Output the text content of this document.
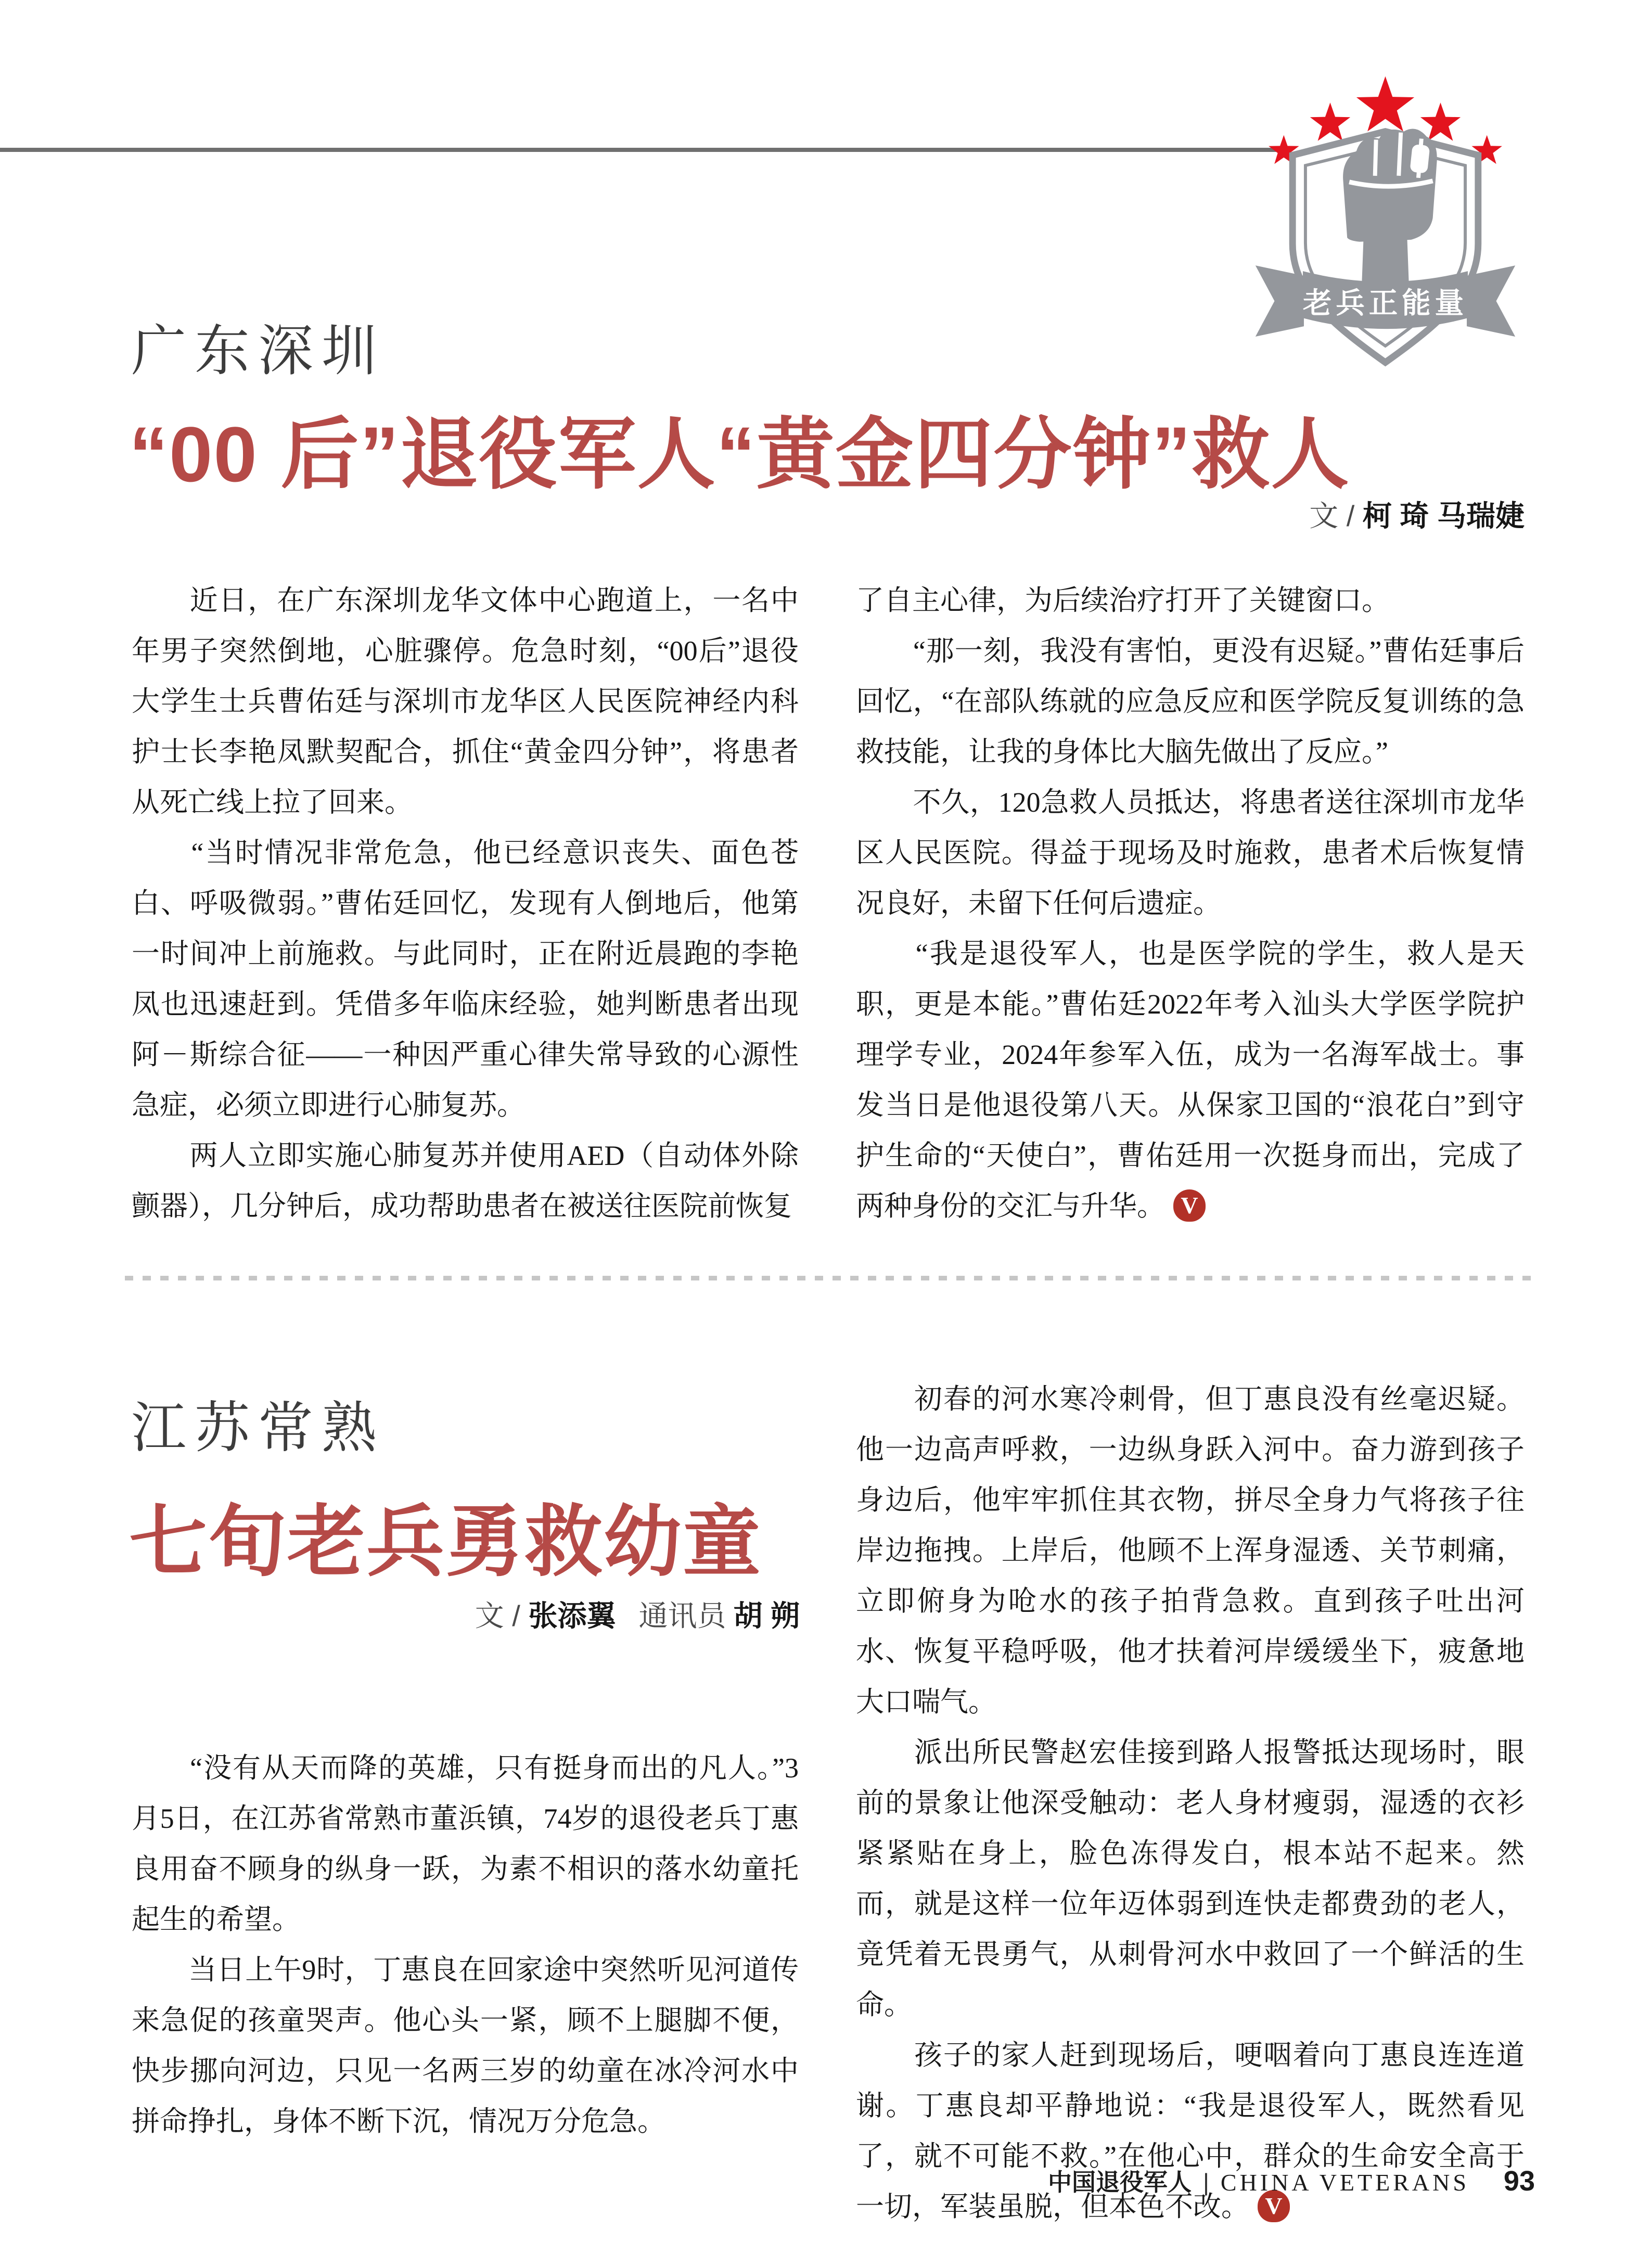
老兵正能量
广东深圳
“00 后”退役军人“黄金四分钟”救人
文 / 柯 琦 马瑞婕

　　近日，在广东深圳龙华文体中心跑道上，一名中年男子突然倒地，心脏骤停。危急时刻，“00后”退役大学生士兵曹佑廷与深圳市龙华区人民医院神经内科护士长李艳凤默契配合，抓住“黄金四分钟”，将患者从死亡线上拉了回来。

　　“当时情况非常危急，他已经意识丧失、面色苍白、呼吸微弱。”曹佑廷回忆，发现有人倒地后，他第一时间冲上前施救。与此同时，正在附近晨跑的李艳凤也迅速赶到。凭借多年临床经验，她判断患者出现阿－斯综合征——一种因严重心律失常导致的心源性急症，必须立即进行心肺复苏。

　　两人立即实施心肺复苏并使用AED（自动体外除颤器），几分钟后，成功帮助患者在被送往医院前恢复

了自主心律，为后续治疗打开了关键窗口。

　　“那一刻，我没有害怕，更没有迟疑。”曹佑廷事后回忆，“在部队练就的应急反应和医学院反复训练的急救技能，让我的身体比大脑先做出了反应。”

　　不久，120急救人员抵达，将患者送往深圳市龙华区人民医院。得益于现场及时施救，患者术后恢复情况良好，未留下任何后遗症。

　　“我是退役军人，也是医学院的学生，救人是天职，更是本能。”曹佑廷2022年考入汕头大学医学院护理学专业，2024年参军入伍，成为一名海军战士。事发当日是他退役第八天。从保家卫国的“浪花白”到守护生命的“天使白”，曹佑廷用一次挺身而出，完成了两种身份的交汇与升华。 V

江苏常熟
七旬老兵勇救幼童
文 / 张添翼 通讯员 胡 朔

　　“没有从天而降的英雄，只有挺身而出的凡人。”3月5日，在江苏省常熟市董浜镇，74岁的退役老兵丁惠良用奋不顾身的纵身一跃，为素不相识的落水幼童托起生的希望。

　　当日上午9时，丁惠良在回家途中突然听见河道传来急促的孩童哭声。他心头一紧，顾不上腿脚不便，快步挪向河边，只见一名两三岁的幼童在冰冷河水中拼命挣扎，身体不断下沉，情况万分危急。

　　初春的河水寒冷刺骨，但丁惠良没有丝毫迟疑。他一边高声呼救，一边纵身跃入河中。奋力游到孩子身边后，他牢牢抓住其衣物，拼尽全身力气将孩子往岸边拖拽。上岸后，他顾不上浑身湿透、关节刺痛，立即俯身为呛水的孩子拍背急救。直到孩子吐出河水、恢复平稳呼吸，他才扶着河岸缓缓坐下，疲惫地大口喘气。

　　派出所民警赵宏佳接到路人报警抵达现场时，眼前的景象让他深受触动：老人身材瘦弱，湿透的衣衫紧紧贴在身上，脸色冻得发白，根本站不起来。然而，就是这样一位年迈体弱到连快走都费劲的老人，竟凭着无畏勇气，从刺骨河水中救回了一个鲜活的生命。

　　孩子的家人赶到现场后，哽咽着向丁惠良连连道谢。丁惠良却平静地说：“我是退役军人，既然看见了，就不可能不救。”在他心中，群众的生命安全高于一切，军装虽脱，但本色不改。 V

中国退役军人 | CHINA VETERANS 93
